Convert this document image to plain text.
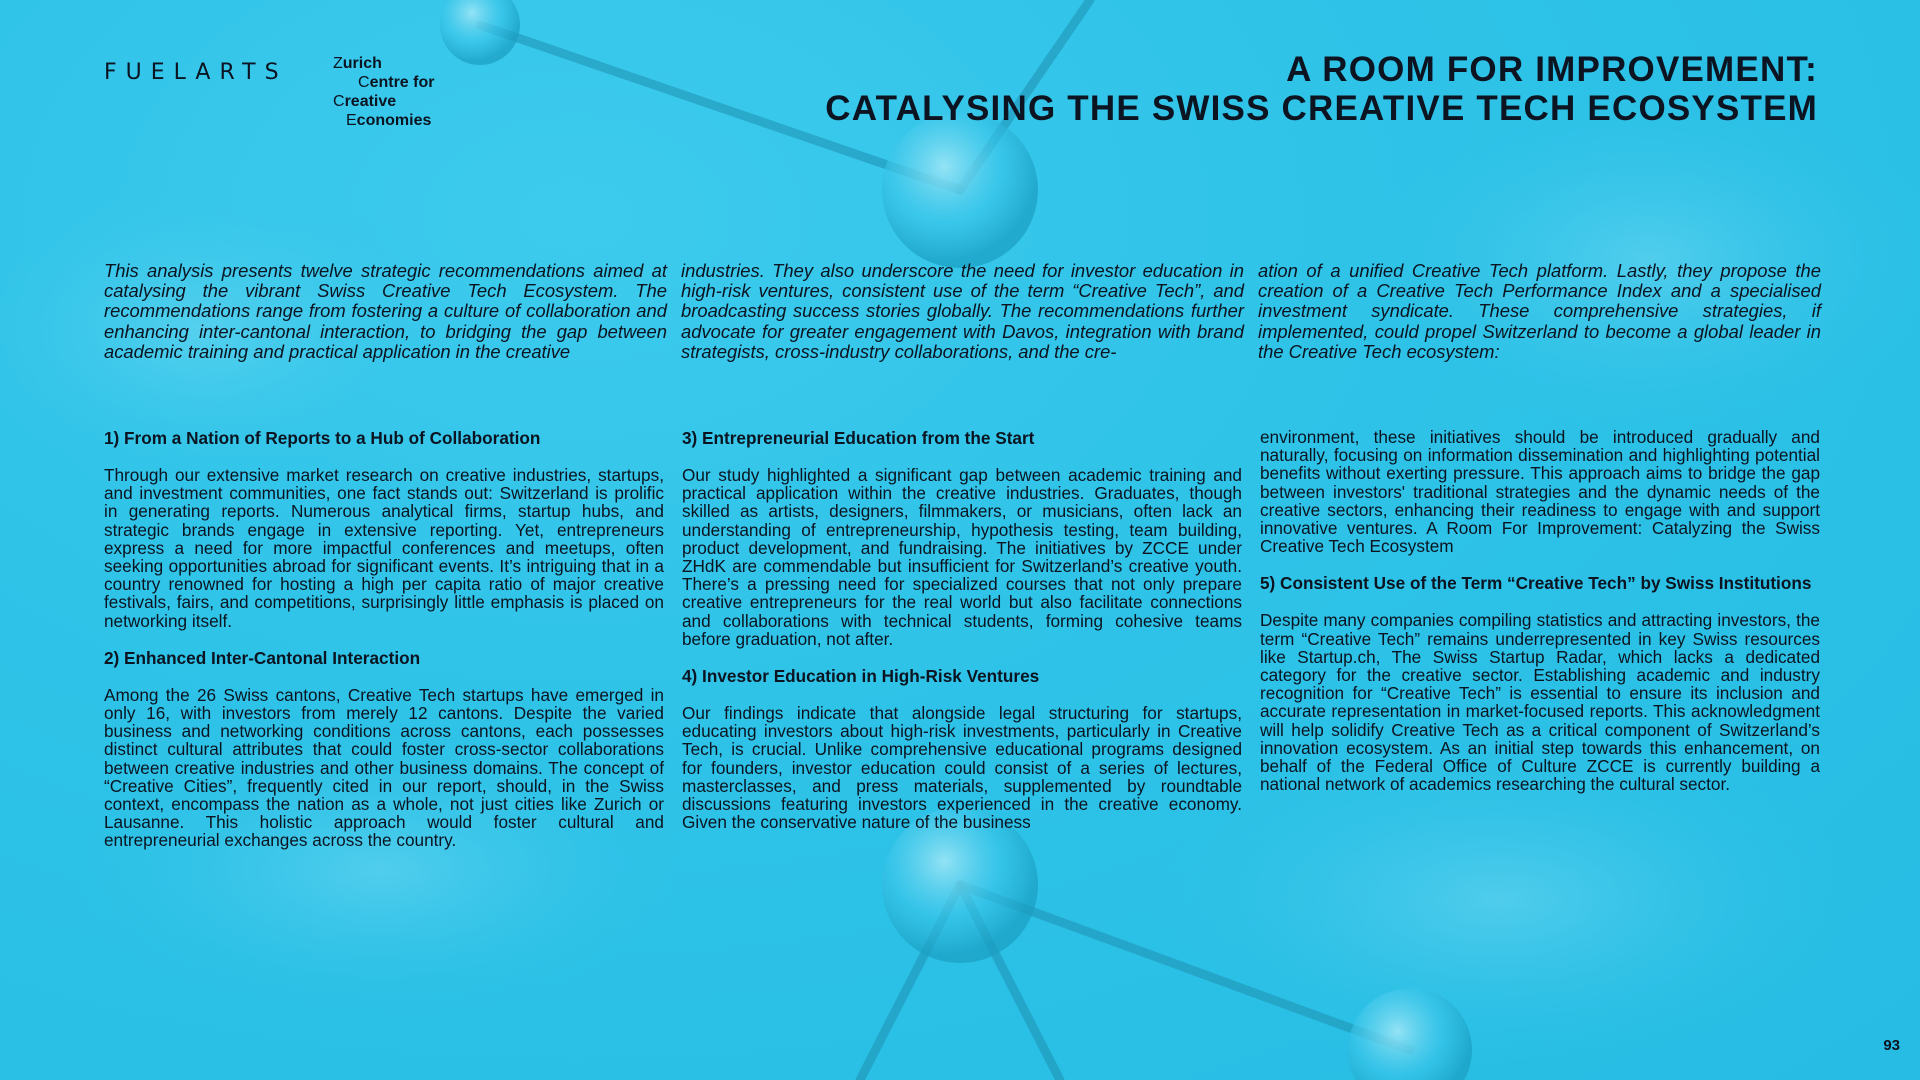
FUELARTS	Zurich
Centre for
Creative
Economies
A ROOM FOR IMPROVEMENT:
CATALYSING THE SWISS CREATIVE TECH ECOSYSTEM

This analysis presents twelve strategic recommendations aimed at catalysing the vibrant Swiss Creative Tech Ecosystem. The recommendations range from fostering a culture of collaboration and enhancing inter-cantonal interaction, to bridging the gap between academic training and practical application in the creative

industries. They also underscore the need for investor education in high-risk ventures, consistent use of the term “Creative Tech”, and broadcasting success stories globally. The recommendations further advocate for greater engagement with Davos, integration with brand strategists, cross-industry collaborations, and the cre-

ation of a unified Creative Tech platform. Lastly, they propose the creation of a Creative Tech Performance Index and a specialised investment syndicate. These comprehensive strategies, if implemented, could propel Switzerland to become a global leader in the Creative Tech ecosystem:

1) From a Nation of Reports to a Hub of Collaboration

Through our extensive market research on creative industries, startups, and investment communities, one fact stands out: Switzerland is prolific in generating reports. Numerous analytical firms, startup hubs, and strategic brands engage in extensive reporting. Yet, entrepreneurs express a need for more impactful conferences and meetups, often seeking opportunities abroad for significant events. It’s intriguing that in a country renowned for hosting a high per capita ratio of major creative festivals, fairs, and competitions, surprisingly little emphasis is placed on networking itself.

2) Enhanced Inter-Cantonal Interaction

Among the 26 Swiss cantons, Creative Tech startups have emerged in only 16, with investors from merely 12 cantons. Despite the varied business and networking conditions across cantons, each possesses distinct cultural attributes that could foster cross-sector collaborations between creative industries and other business domains. The concept of “Creative Cities”, frequently cited in our report, should, in the Swiss context, encompass the nation as a whole, not just cities like Zurich or Lausanne. This holistic approach would foster cultural and entrepreneurial exchanges across the country.

3) Entrepreneurial Education from the Start

Our study highlighted a significant gap between academic training and practical application within the creative industries. Graduates, though skilled as artists, designers, filmmakers, or musicians, often lack an understanding of entrepreneurship, hypothesis testing, team building, product development, and fundraising. The initiatives by ZCCE under ZHdK are commendable but insufficient for Switzerland’s creative youth. There’s a pressing need for specialized courses that not only prepare creative entrepreneurs for the real world but also facilitate connections and collaborations with technical students, forming cohesive teams before graduation, not after.

4) Investor Education in High-Risk Ventures

Our findings indicate that alongside legal structuring for startups, educating investors about high-risk investments, particularly in Creative Tech, is crucial. Unlike comprehensive educational programs designed for founders, investor education could consist of a series of lectures, masterclasses, and press materials, supplemented by roundtable discussions featuring investors experienced in the creative economy. Given the conservative nature of the business

environment, these initiatives should be introduced gradually and naturally, focusing on information dissemination and highlighting potential benefits without exerting pressure. This approach aims to bridge the gap between investors' traditional strategies and the dynamic needs of the creative sectors, enhancing their readiness to engage with and support innovative ventures. A Room For Improvement: Catalyzing the Swiss Creative Tech Ecosystem

5) Consistent Use of the Term “Creative Tech” by Swiss Institutions

Despite many companies compiling statistics and attracting investors, the term “Creative Tech” remains underrepresented in key Swiss resources like Startup.ch, The Swiss Startup Radar, which lacks a dedicated category for the creative sector. Establishing academic and industry recognition for “Creative Tech” is essential to ensure its inclusion and accurate representation in market-focused reports. This acknowledgment will help solidify Creative Tech as a critical component of Switzerland’s innovation ecosystem. As an initial step towards this enhancement, on behalf of the Federal Office of Culture ZCCE is currently building a national network of academics researching the cultural sector.

93
